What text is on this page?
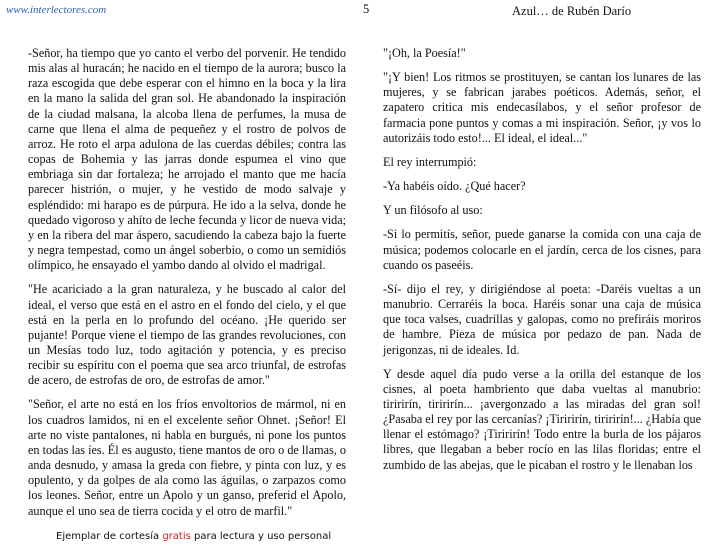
www.interlectores.com	5	Azul… de Rubén Darío

-Señor, ha tiempo que yo canto el verbo del porvenir. He tendido mis alas al huracán; he nacido en el tiempo de la aurora; busco la raza escogida que debe esperar con el himno en la boca y la lira en la mano la salida del gran sol. He abandonado la inspiración de la ciudad malsana, la alcoba llena de perfumes, la musa de carne que llena el alma de pequeñez y el rostro de polvos de arroz. He roto el arpa adulona de las cuerdas débiles; contra las copas de Bohemia y las jarras donde espumea el vino que embriaga sin dar fortaleza; he arrojado el manto que me hacía parecer histrión, o mujer, y he vestido de modo salvaje y espléndido: mi harapo es de púrpura. He ido a la selva, donde he quedado vigoroso y ahíto de leche fecunda y licor de nueva vida; y en la ribera del mar áspero, sacudiendo la cabeza bajo la fuerte y negra tempestad, como un ángel soberbio, o como un semidiós olímpico, he ensayado el yambo dando al olvido el madrigal.

"He acariciado a la gran naturaleza, y he buscado al calor del ideal, el verso que está en el astro en el fondo del cielo, y el que está en la perla en lo profundo del océano. ¡He querido ser pujante! Porque viene el tiempo de las grandes revoluciones, con un Mesías todo luz, todo agitación y potencia, y es preciso recibir su espíritu con el poema que sea arco triunfal, de estrofas de acero, de estrofas de oro, de estrofas de amor."

"Señor, el arte no está en los fríos envoltorios de mármol, ni en los cuadros lamidos, ni en el excelente señor Ohnet. ¡Señor! El arte no viste pantalones, ni habla en burgués, ni pone los puntos en todas las íes. Él es augusto, tiene mantos de oro o de llamas, o anda desnudo, y amasa la greda con fiebre, y pinta con luz, y es opulento, y da golpes de ala como las águilas, o zarpazos como los leones. Señor, entre un Apolo y un ganso, preferid el Apolo, aunque el uno sea de tierra cocida y el otro de marfil."

"¡Oh, la Poesía!"

"¡Y bien! Los ritmos se prostituyen, se cantan los lunares de las mujeres, y se fabrican jarabes poéticos. Además, señor, el zapatero critica mis endecasílabos, y el señor profesor de farmacia pone puntos y comas a mi inspiración. Señor, ¡y vos lo autorizáis todo esto!... El ideal, el ideal..."

El rey interrumpió:

-Ya habéis oído. ¿Qué hacer?

Y un filósofo al uso:

-Si lo permitís, señor, puede ganarse la comida con una caja de música; podemos colocarle en el jardín, cerca de los cisnes, para cuando os paseéis.

-Sí- dijo el rey, y dirigiéndose al poeta: -Daréis vueltas a un manubrio. Cerraréis la boca. Haréis sonar una caja de música que toca valses, cuadrillas y galopas, como no prefiráis moriros de hambre. Pieza de música por pedazo de pan. Nada de jerigonzas, ni de ideales. Id.

Y desde aquel día pudo verse a la orilla del estanque de los cisnes, al poeta hambriento que daba vueltas al manubrio: tiririrín, tiririrín... ¡avergonzado a las miradas del gran sol! ¿Pasaba el rey por las cercanías? ¡Tiririrín, tiririrín!... ¿Había que llenar el estómago? ¡Tiririrín! Todo entre la burla de los pájaros libres, que llegaban a beber rocío en las lilas floridas; entre el zumbido de las abejas, que le picaban el rostro y le llenaban los

Ejemplar de cortesía gratis para lectura y uso personal
